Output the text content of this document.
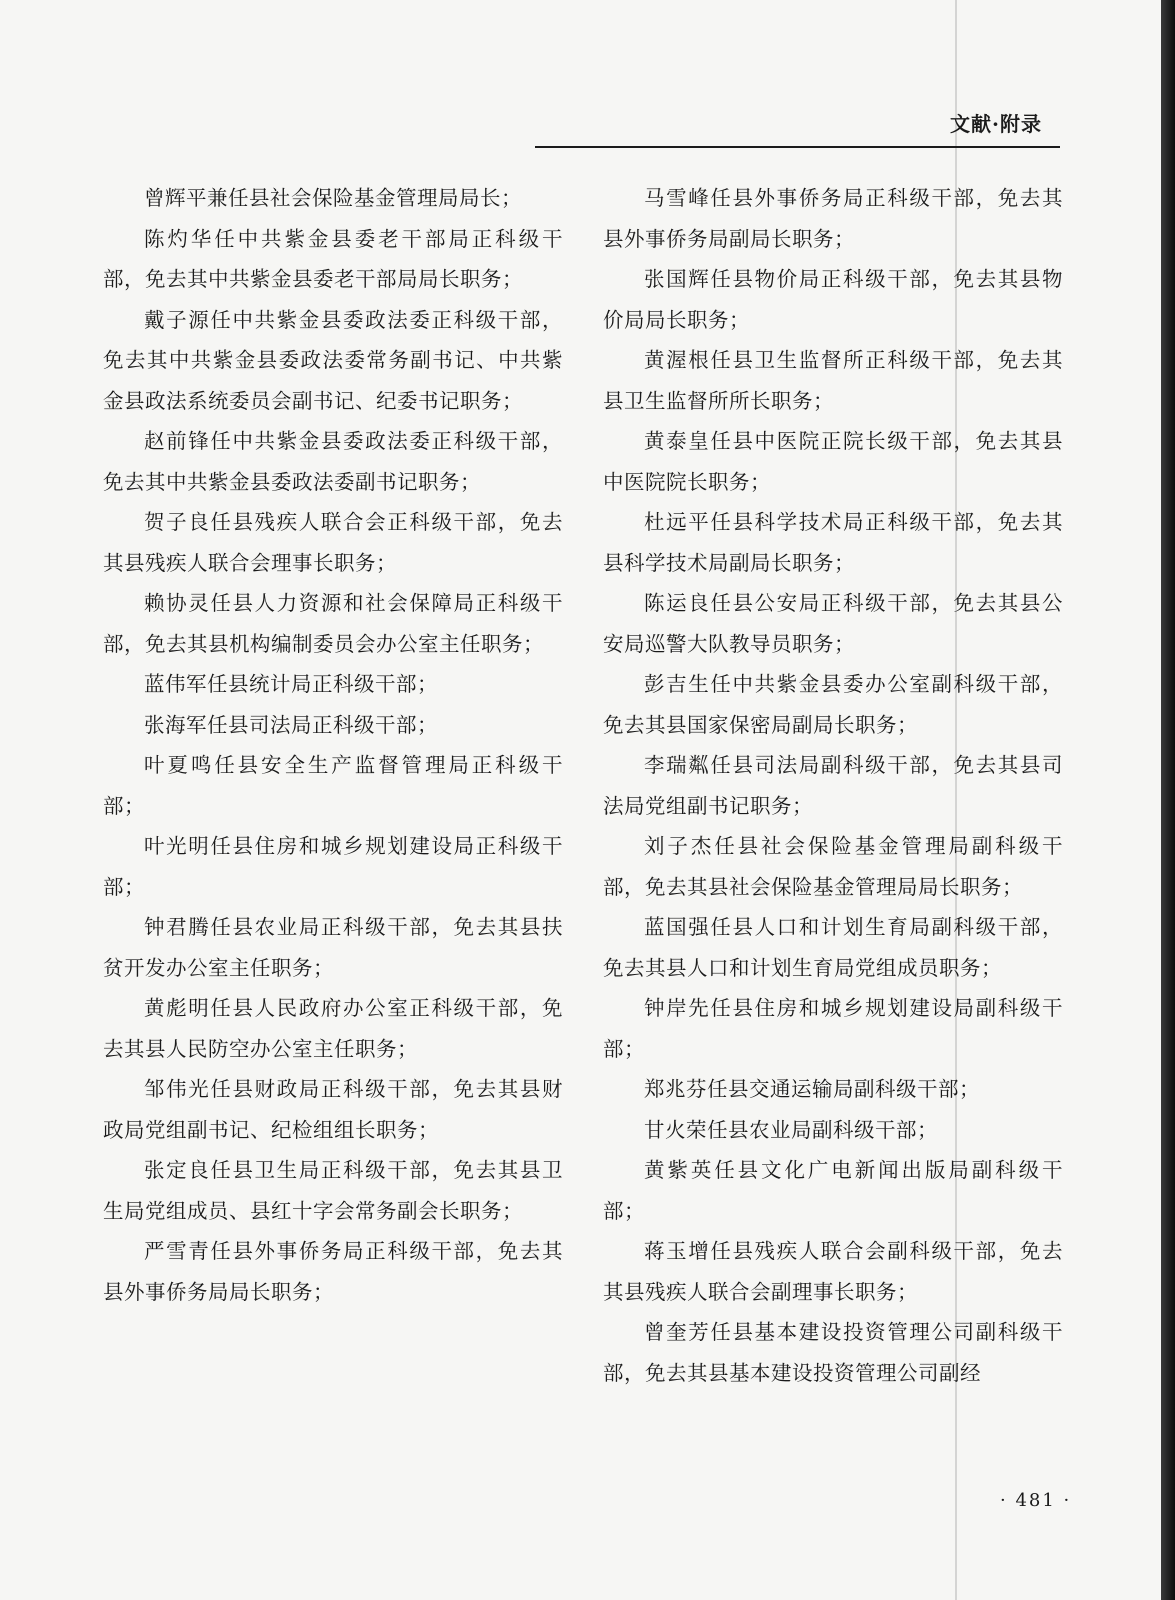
文献·附录

曾辉平兼任县社会保险基金管理局局长；

陈灼华任中共紫金县委老干部局正科级干部，免去其中共紫金县委老干部局局长职务；

戴子源任中共紫金县委政法委正科级干部，免去其中共紫金县委政法委常务副书记、中共紫金县政法系统委员会副书记、纪委书记职务；

赵前锋任中共紫金县委政法委正科级干部，免去其中共紫金县委政法委副书记职务；

贺子良任县残疾人联合会正科级干部，免去其县残疾人联合会理事长职务；

赖协灵任县人力资源和社会保障局正科级干部，免去其县机构编制委员会办公室主任职务；

蓝伟军任县统计局正科级干部；

张海军任县司法局正科级干部；

叶夏鸣任县安全生产监督管理局正科级干部；

叶光明任县住房和城乡规划建设局正科级干部；

钟君腾任县农业局正科级干部，免去其县扶贫开发办公室主任职务；

黄彪明任县人民政府办公室正科级干部，免去其县人民防空办公室主任职务；

邹伟光任县财政局正科级干部，免去其县财政局党组副书记、纪检组组长职务；

张定良任县卫生局正科级干部，免去其县卫生局党组成员、县红十字会常务副会长职务；

严雪青任县外事侨务局正科级干部，免去其县外事侨务局局长职务；

马雪峰任县外事侨务局正科级干部，免去其县外事侨务局副局长职务；

张国辉任县物价局正科级干部，免去其县物价局局长职务；

黄渥根任县卫生监督所正科级干部，免去其县卫生监督所所长职务；

黄泰皇任县中医院正院长级干部，免去其县中医院院长职务；

杜远平任县科学技术局正科级干部，免去其县科学技术局副局长职务；

陈运良任县公安局正科级干部，免去其县公安局巡警大队教导员职务；

彭吉生任中共紫金县委办公室副科级干部，免去其县国家保密局副局长职务；

李瑞粼任县司法局副科级干部，免去其县司法局党组副书记职务；

刘子杰任县社会保险基金管理局副科级干部，免去其县社会保险基金管理局局长职务；

蓝国强任县人口和计划生育局副科级干部，免去其县人口和计划生育局党组成员职务；

钟岸先任县住房和城乡规划建设局副科级干部；

郑兆芬任县交通运输局副科级干部；

甘火荣任县农业局副科级干部；

黄紫英任县文化广电新闻出版局副科级干部；

蒋玉增任县残疾人联合会副科级干部，免去其县残疾人联合会副理事长职务；

曾奎芳任县基本建设投资管理公司副科级干部，免去其县基本建设投资管理公司副经

· 481 ·
